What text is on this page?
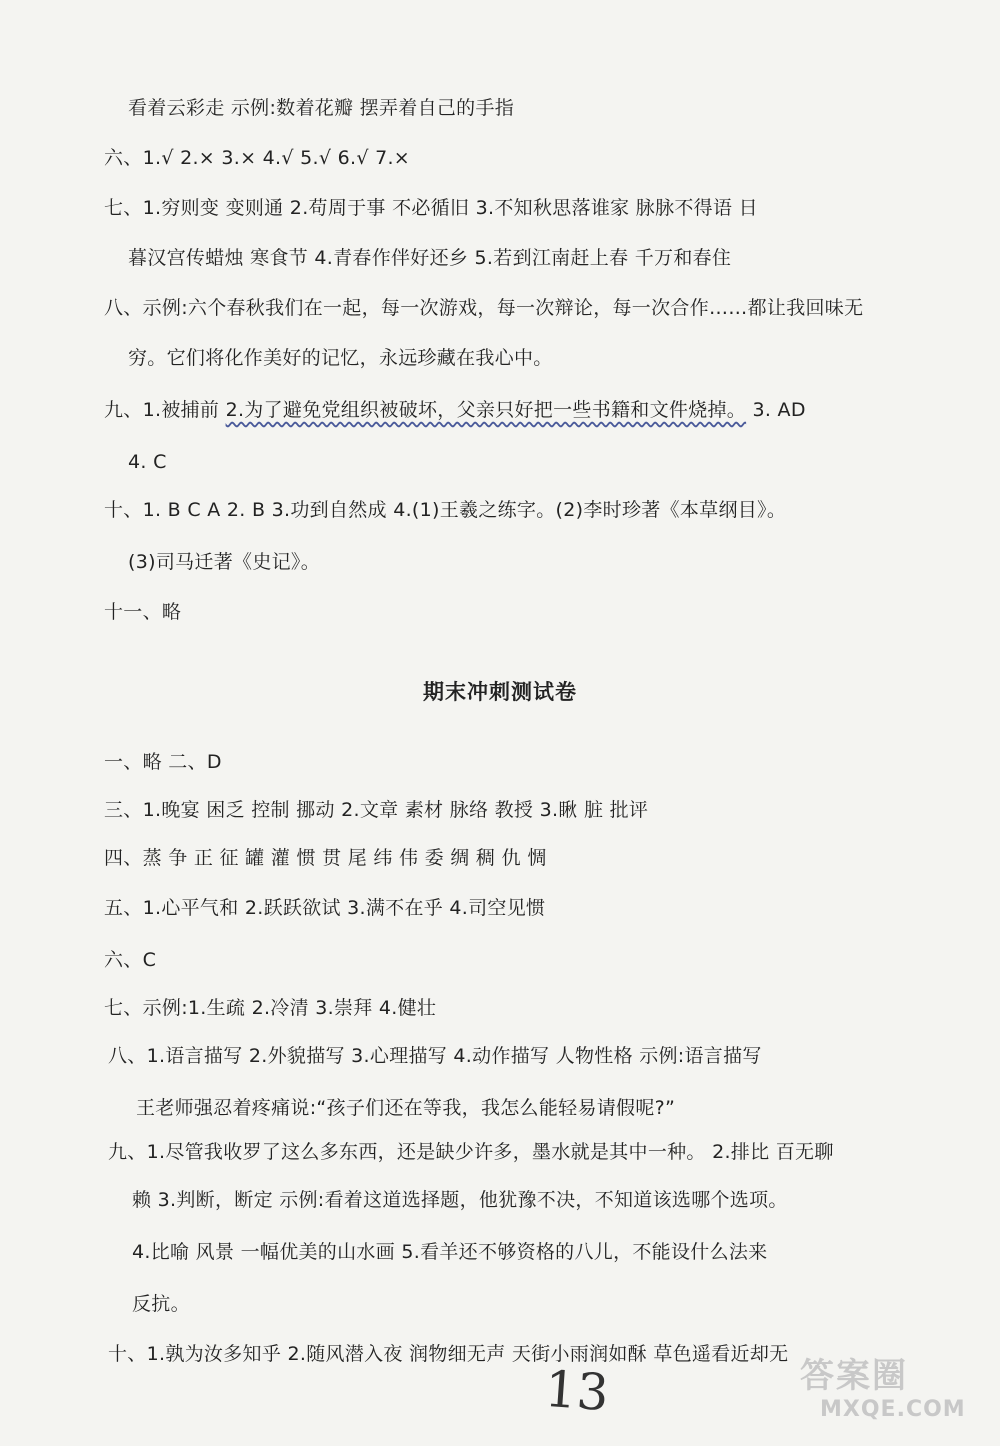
看着云彩走 示例:数着花瓣 摆弄着自己的手指
六、1.√ 2.× 3.× 4.√ 5.√ 6.√ 7.×
七、1.穷则变 变则通 2.苟周于事 不必循旧 3.不知秋思落谁家 脉脉不得语 日
暮汉宫传蜡烛 寒食节 4.青春作伴好还乡 5.若到江南赶上春 千万和春住
八、示例:六个春秋我们在一起，每一次游戏，每一次辩论，每一次合作……都让我回味无
穷。它们将化作美好的记忆，永远珍藏在我心中。
九、1.被捕前 2.为了避免党组织被破坏，父亲只好把一些书籍和文件烧掉。 3. AD
4. C
十、1. B C A 2. B 3.功到自然成 4.(1)王羲之练字。(2)李时珍著《本草纲目》。
(3)司马迁著《史记》。
十一、略
期末冲刺测试卷
一、略 二、D
三、1.晚宴 困乏 控制 挪动 2.文章 素材 脉络 教授 3.瞅 脏 批评
四、蒸 争 正 征 罐 灌 惯 贯 尾 纬 伟 委 绸 稠 仇 惆
五、1.心平气和 2.跃跃欲试 3.满不在乎 4.司空见惯
六、C
七、示例:1.生疏 2.冷清 3.崇拜 4.健壮
八、1.语言描写 2.外貌描写 3.心理描写 4.动作描写 人物性格 示例:语言描写
王老师强忍着疼痛说:“孩子们还在等我，我怎么能轻易请假呢?”
九、1.尽管我收罗了这么多东西，还是缺少许多，墨水就是其中一种。 2.排比 百无聊
赖 3.判断，断定 示例:看着这道选择题，他犹豫不决，不知道该选哪个选项。
4.比喻 风景 一幅优美的山水画 5.看羊还不够资格的八儿，不能设什么法来
反抗。
十、1.孰为汝多知乎 2.随风潜入夜 润物细无声 天街小雨润如酥 草色遥看近却无
13	答案圈
MXQE.COM
